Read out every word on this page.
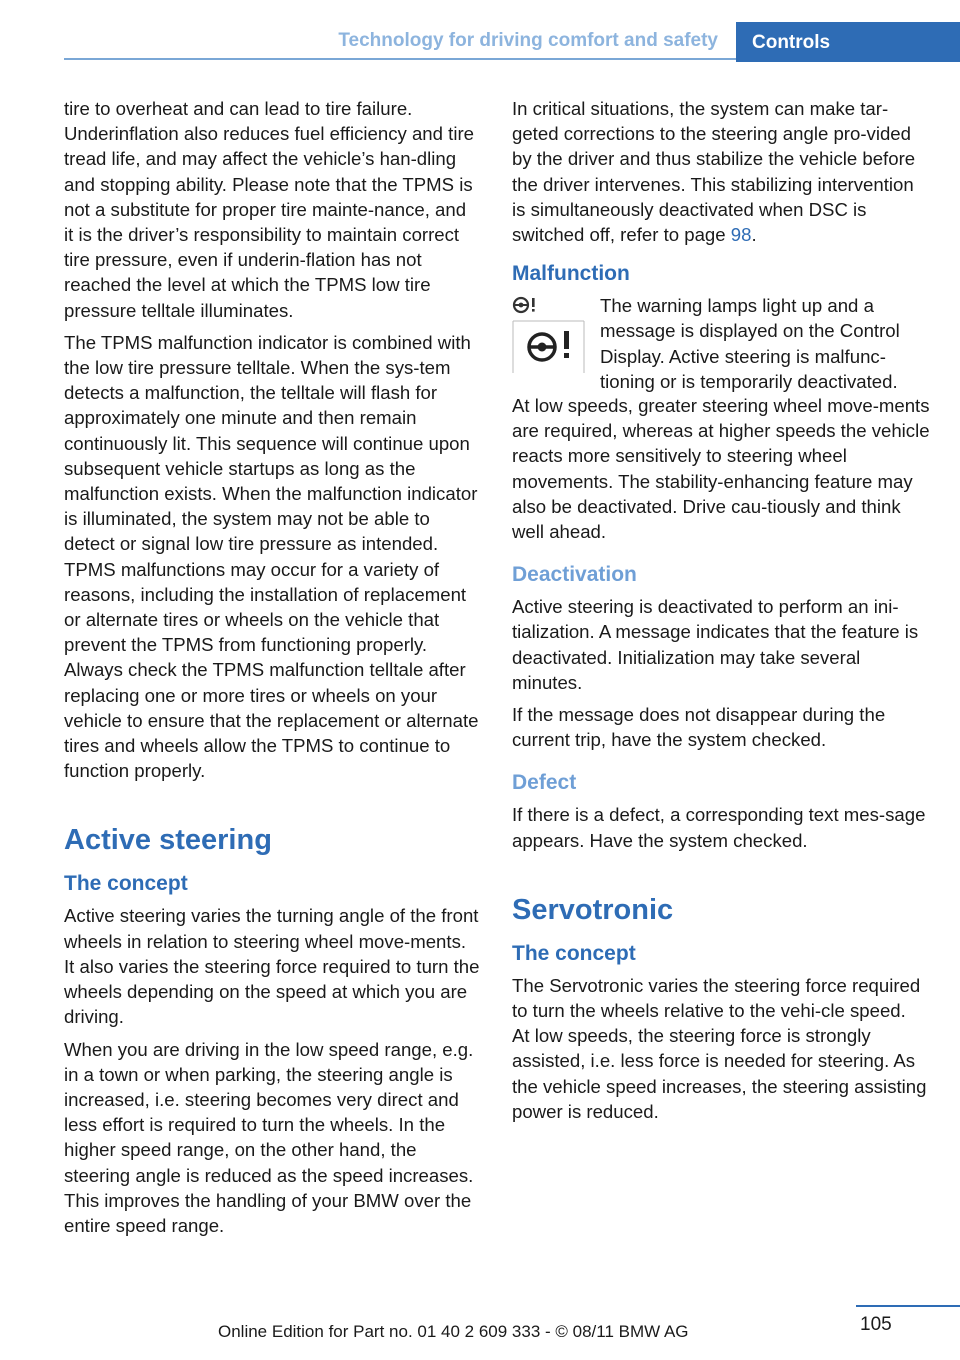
Technology for driving comfort and safety	Controls

tire to overheat and can lead to tire failure. Underinflation also reduces fuel efficiency and tire tread life, and may affect the vehicle’s han-dling and stopping ability. Please note that the TPMS is not a substitute for proper tire mainte-nance, and it is the driver’s responsibility to maintain correct tire pressure, even if underin-flation has not reached the level at which the TPMS low tire pressure telltale illuminates.

The TPMS malfunction indicator is combined with the low tire pressure telltale. When the sys-tem detects a malfunction, the telltale will flash for approximately one minute and then remain continuously lit. This sequence will continue upon subsequent vehicle startups as long as the malfunction exists. When the malfunction indicator is illuminated, the system may not be able to detect or signal low tire pressure as intended. TPMS malfunctions may occur for a variety of reasons, including the installation of replacement or alternate tires or wheels on the vehicle that prevent the TPMS from functioning properly. Always check the TPMS malfunction telltale after replacing one or more tires or wheels on your vehicle to ensure that the replacement or alternate tires and wheels allow the TPMS to continue to function properly.

Active steering
The concept

Active steering varies the turning angle of the front wheels in relation to steering wheel move-ments. It also varies the steering force required to turn the wheels depending on the speed at which you are driving.

When you are driving in the low speed range, e.g. in a town or when parking, the steering angle is increased, i.e. steering becomes very direct and less effort is required to turn the wheels. In the higher speed range, on the other hand, the steering angle is reduced as the speed increases. This improves the handling of your BMW over the entire speed range.

In critical situations, the system can make tar-geted corrections to the steering angle pro-vided by the driver and thus stabilize the vehicle before the driver intervenes. This stabilizing intervention is simultaneously deactivated when DSC is switched off, refer to page 98.

Malfunction

The warning lamps light up and a message is displayed on the Control Display. Active steering is malfunc-tioning or is temporarily deactivated.

At low speeds, greater steering wheel move-ments are required, whereas at higher speeds the vehicle reacts more sensitively to steering wheel movements. The stability-enhancing feature may also be deactivated. Drive cau-tiously and think well ahead.

Deactivation

Active steering is deactivated to perform an ini-tialization. A message indicates that the feature is deactivated. Initialization may take several minutes.

If the message does not disappear during the current trip, have the system checked.

Defect

If there is a defect, a corresponding text mes-sage appears. Have the system checked.

Servotronic
The concept

The Servotronic varies the steering force required to turn the wheels relative to the vehi-cle speed.

At low speeds, the steering force is strongly assisted, i.e. less force is needed for steering. As the vehicle speed increases, the steering assisting power is reduced.

105
Online Edition for Part no. 01 40 2 609 333 - © 08/11 BMW AG
